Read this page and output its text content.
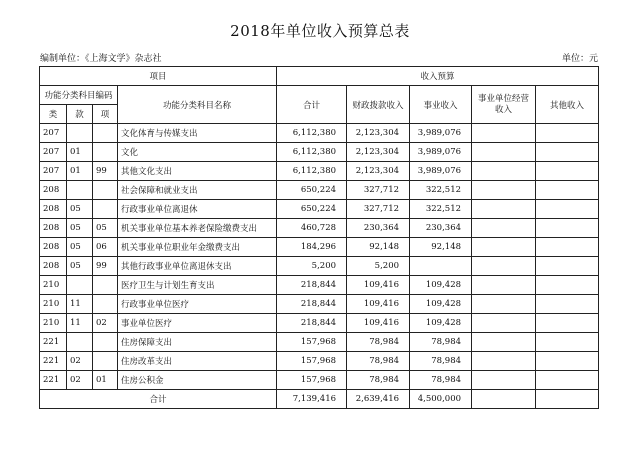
2018年单位收入预算总表
编制单位：《上海文学》杂志社	单位：元
项目				收入预算				
功能分类科目编码			功能分类科目名称	合计	财政拨款收入	事业收入	事业单位经营收入	其他收入
类	款	项						
207			文化体育与传媒支出	6,112,380	2,123,304	3,989,076		
207	01		文化	6,112,380	2,123,304	3,989,076		
207	01	99	其他文化支出	6,112,380	2,123,304	3,989,076		
208			社会保障和就业支出	650,224	327,712	322,512		
208	05		行政事业单位离退休	650,224	327,712	322,512		
208	05	05	机关事业单位基本养老保险缴费支出	460,728	230,364	230,364		
208	05	06	机关事业单位职业年金缴费支出	184,296	92,148	92,148		
208	05	99	其他行政事业单位离退休支出	5,200	5,200			
210			医疗卫生与计划生育支出	218,844	109,416	109,428		
210	11		行政事业单位医疗	218,844	109,416	109,428		
210	11	02	事业单位医疗	218,844	109,416	109,428		
221			住房保障支出	157,968	78,984	78,984		
221	02		住房改革支出	157,968	78,984	78,984		
221	02	01	住房公积金	157,968	78,984	78,984		
合计				7,139,416	2,639,416	4,500,000		
